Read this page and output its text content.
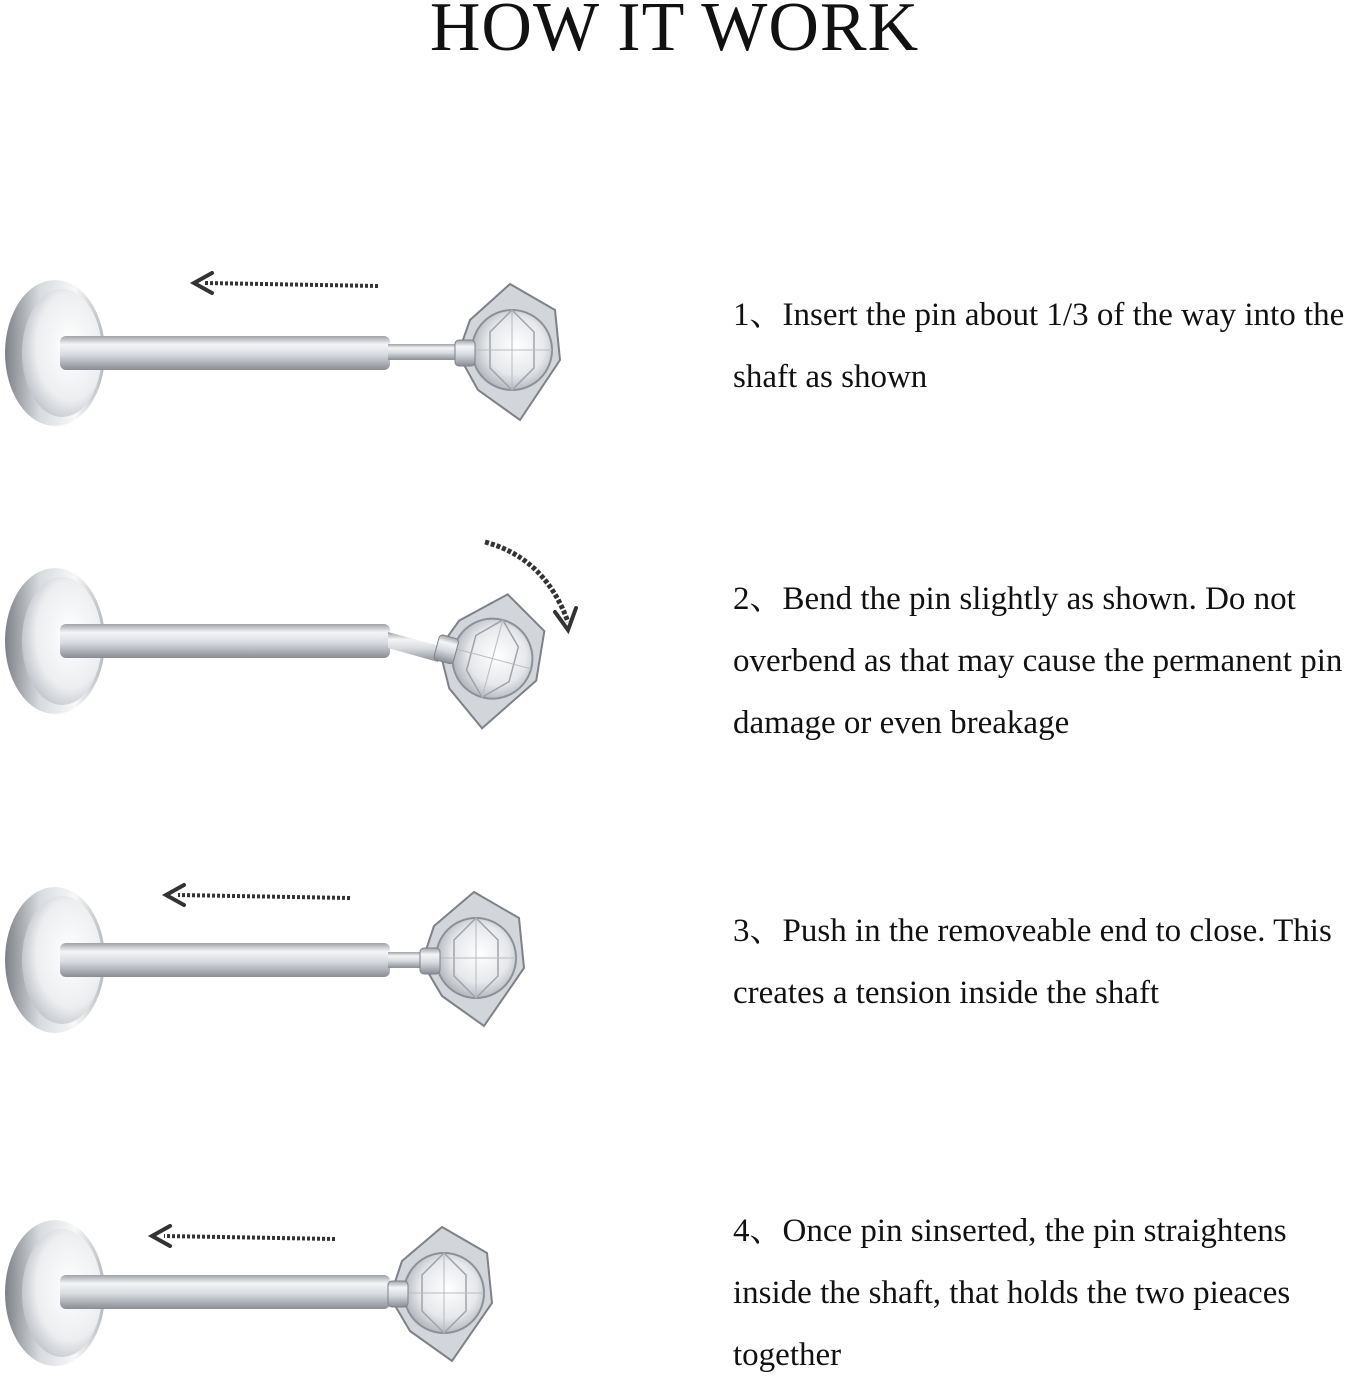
HOW IT WORK

1、Insert the pin about 1/3 of the way into the shaft as shown

2、Bend the pin slightly as shown. Do not overbend as that may cause the permanent pin damage or even breakage

3、Push in the removeable end to close. This creates a tension inside the shaft

4、Once pin sinserted, the pin straightens inside the shaft, that holds the two pieaces together
